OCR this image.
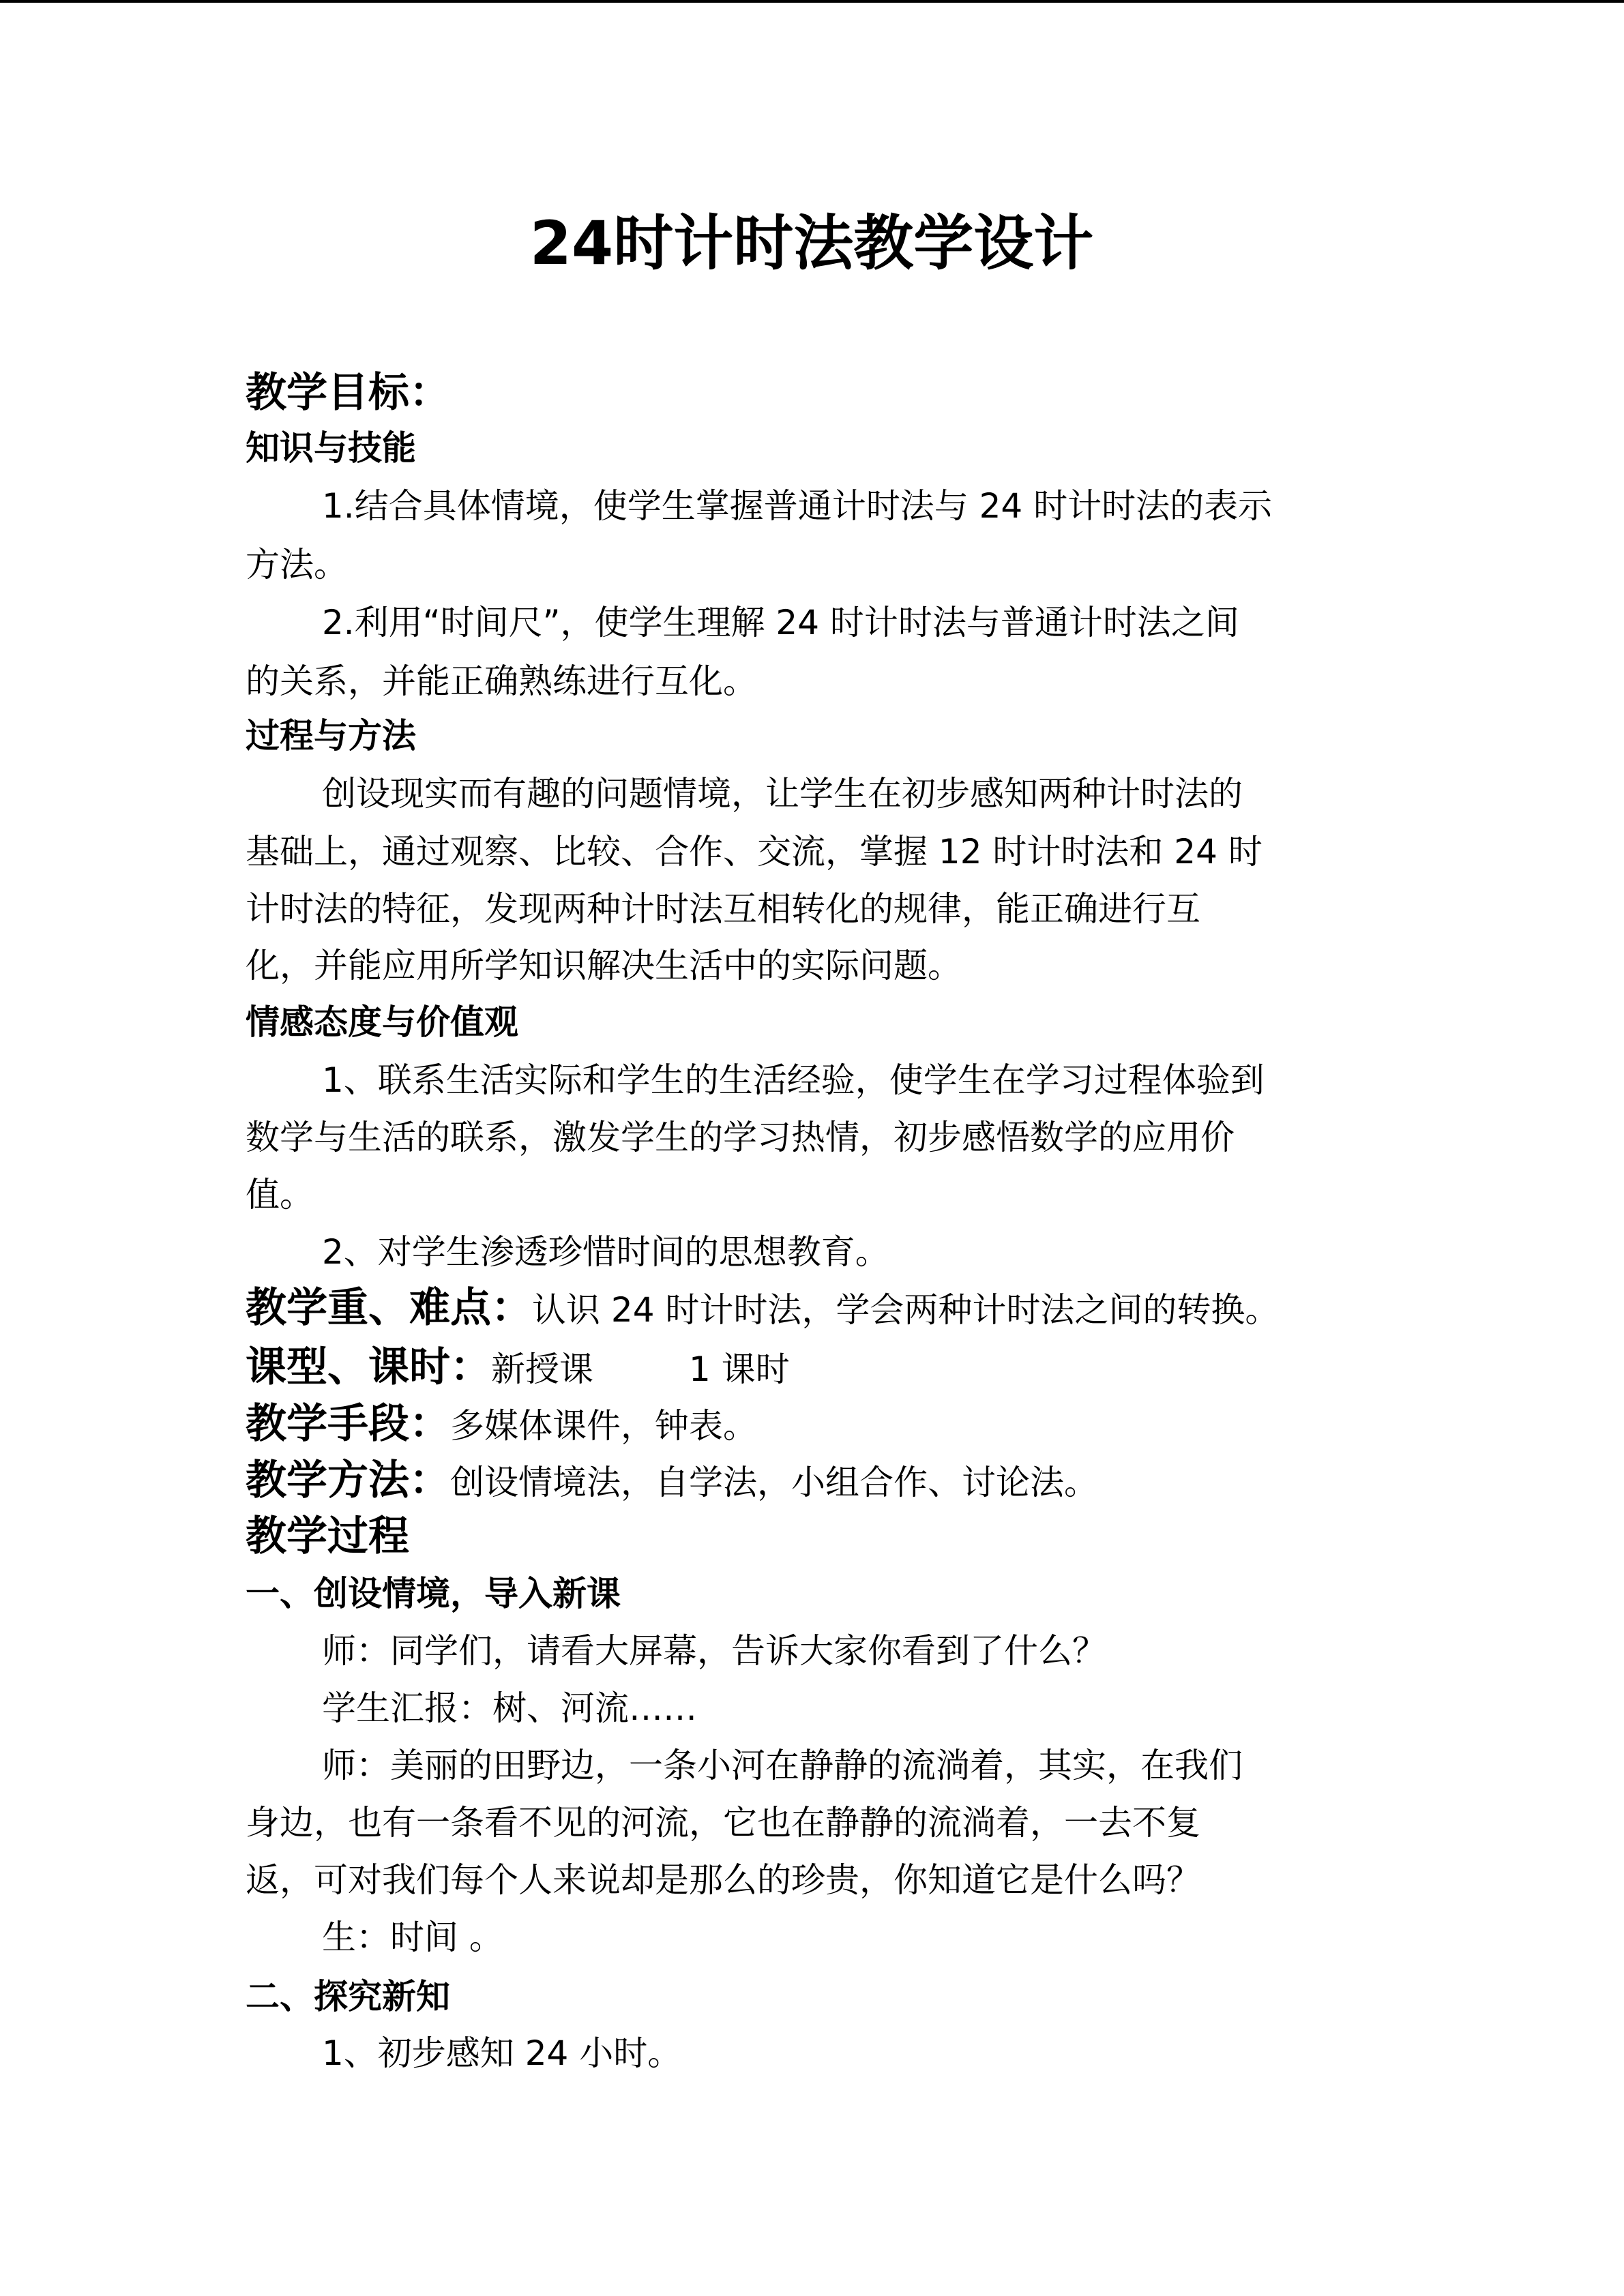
24时计时法教学设计
教学目标：
知识与技能
1.结合具体情境，使学生掌握普通计时法与 24 时计时法的表示
方法。
2.利用“时间尺”，使学生理解 24 时计时法与普通计时法之间
的关系，并能正确熟练进行互化。
过程与方法
创设现实而有趣的问题情境，让学生在初步感知两种计时法的
基础上，通过观察、比较、合作、交流，掌握 12 时计时法和 24 时
计时法的特征，发现两种计时法互相转化的规律，能正确进行互
化，并能应用所学知识解决生活中的实际问题。
情感态度与价值观
1、联系生活实际和学生的生活经验，使学生在学习过程体验到
数学与生活的联系，激发学生的学习热情，初步感悟数学的应用价
值。
2、对学生渗透珍惜时间的思想教育。
教学重、难点：认识 24 时计时法，学会两种计时法之间的转换。
课型、课时：新授课	1 课时
教学手段：多媒体课件，钟表。
教学方法：创设情境法，自学法，小组合作、讨论法。
教学过程
一、创设情境，导入新课
师：同学们，请看大屏幕，告诉大家你看到了什么？
学生汇报：树、河流……
师：美丽的田野边，一条小河在静静的流淌着，其实，在我们
身边，也有一条看不见的河流，它也在静静的流淌着，一去不复
返，可对我们每个人来说却是那么的珍贵，你知道它是什么吗？
生：时间 。
二、探究新知
1、初步感知 24 小时。
